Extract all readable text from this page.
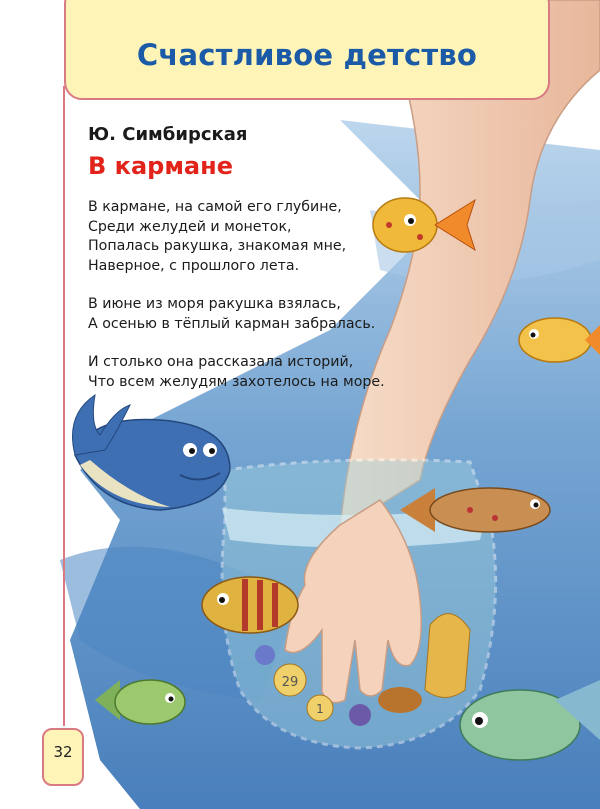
29
1
Счастливое детство
Ю. Симбирская
В кармане
В кармане, на самой его глубине,
Среди желудей и монеток,
Попалась ракушка, знакомая мне,
Наверное, с прошлого лета.
В июне из моря ракушка взялась,
А осенью в тёплый карман забралась.
И столько она рассказала историй,
Что всем желудям захотелось на море.
32
